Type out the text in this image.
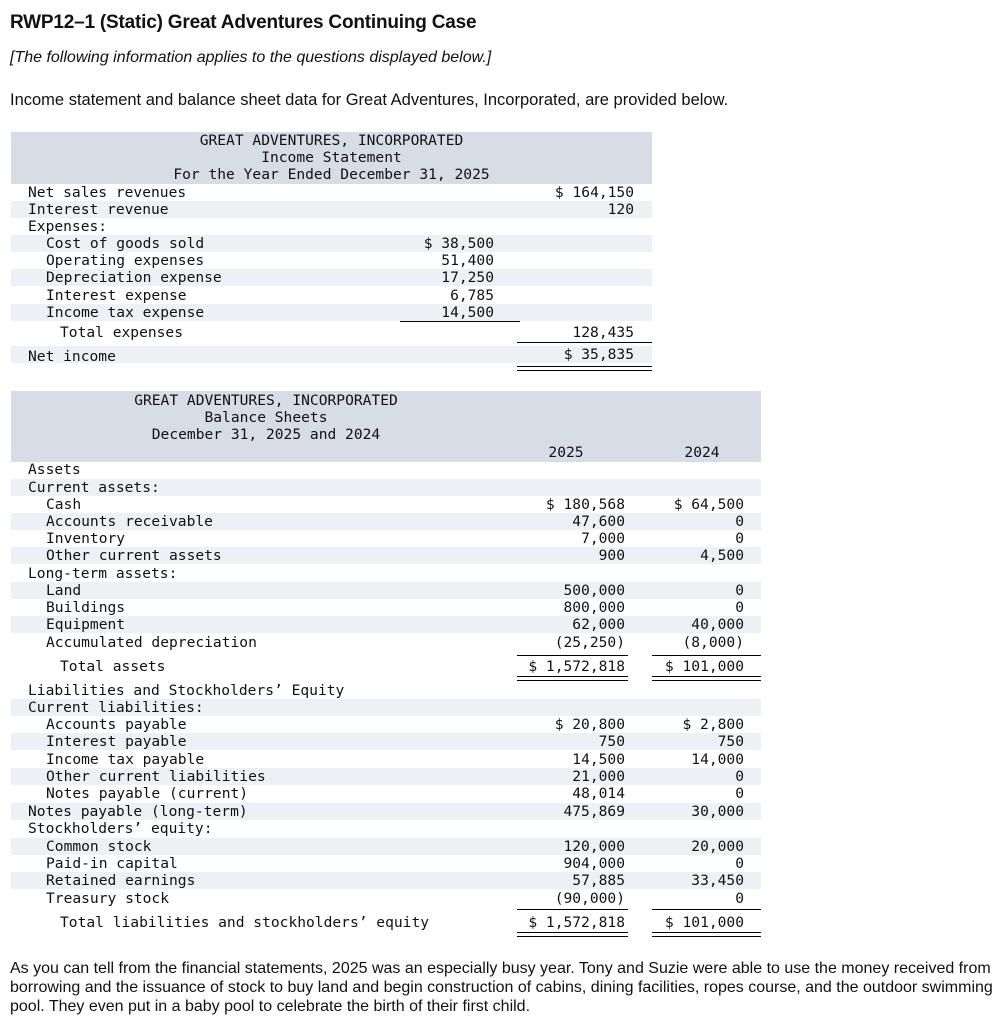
RWP12–1 (Static) Great Adventures Continuing Case
[The following information applies to the questions displayed below.]
Income statement and balance sheet data for Great Adventures, Incorporated, are provided below.
GREAT ADVENTURES, INCORPORATED
Income Statement
For the Year Ended December 31, 2025
Net sales revenues	$ 164,150
Interest revenue	120
Expenses:
Cost of goods sold	$ 38,500
Operating expenses	51,400
Depreciation expense	17,250
Interest expense	6,785
Income tax expense	14,500
Total expenses	128,435
Net income	$ 35,835
GREAT ADVENTURES, INCORPORATED
Balance Sheets
December 31, 2025 and 2024
2025	2024
Assets
Current assets:
Cash	$ 180,568	$ 64,500
Accounts receivable	47,600	0
Inventory	7,000	0
Other current assets	900	4,500
Long-term assets:
Land	500,000	0
Buildings	800,000	0
Equipment	62,000	40,000
Accumulated depreciation	(25,250)	(8,000)
Total assets	$ 1,572,818	$ 101,000
Liabilities and Stockholders’ Equity
Current liabilities:
Accounts payable	$ 20,800	$ 2,800
Interest payable	750	750
Income tax payable	14,500	14,000
Other current liabilities	21,000	0
Notes payable (current)	48,014	0
Notes payable (long-term)	475,869	30,000
Stockholders’ equity:
Common stock	120,000	20,000
Paid-in capital	904,000	0
Retained earnings	57,885	33,450
Treasury stock	(90,000)	0
Total liabilities and stockholders’ equity	$ 1,572,818	$ 101,000
As you can tell from the financial statements, 2025 was an especially busy year. Tony and Suzie were able to use the money received from borrowing and the issuance of stock to buy land and begin construction of cabins, dining facilities, ropes course, and the outdoor swimming pool. They even put in a baby pool to celebrate the birth of their first child.
